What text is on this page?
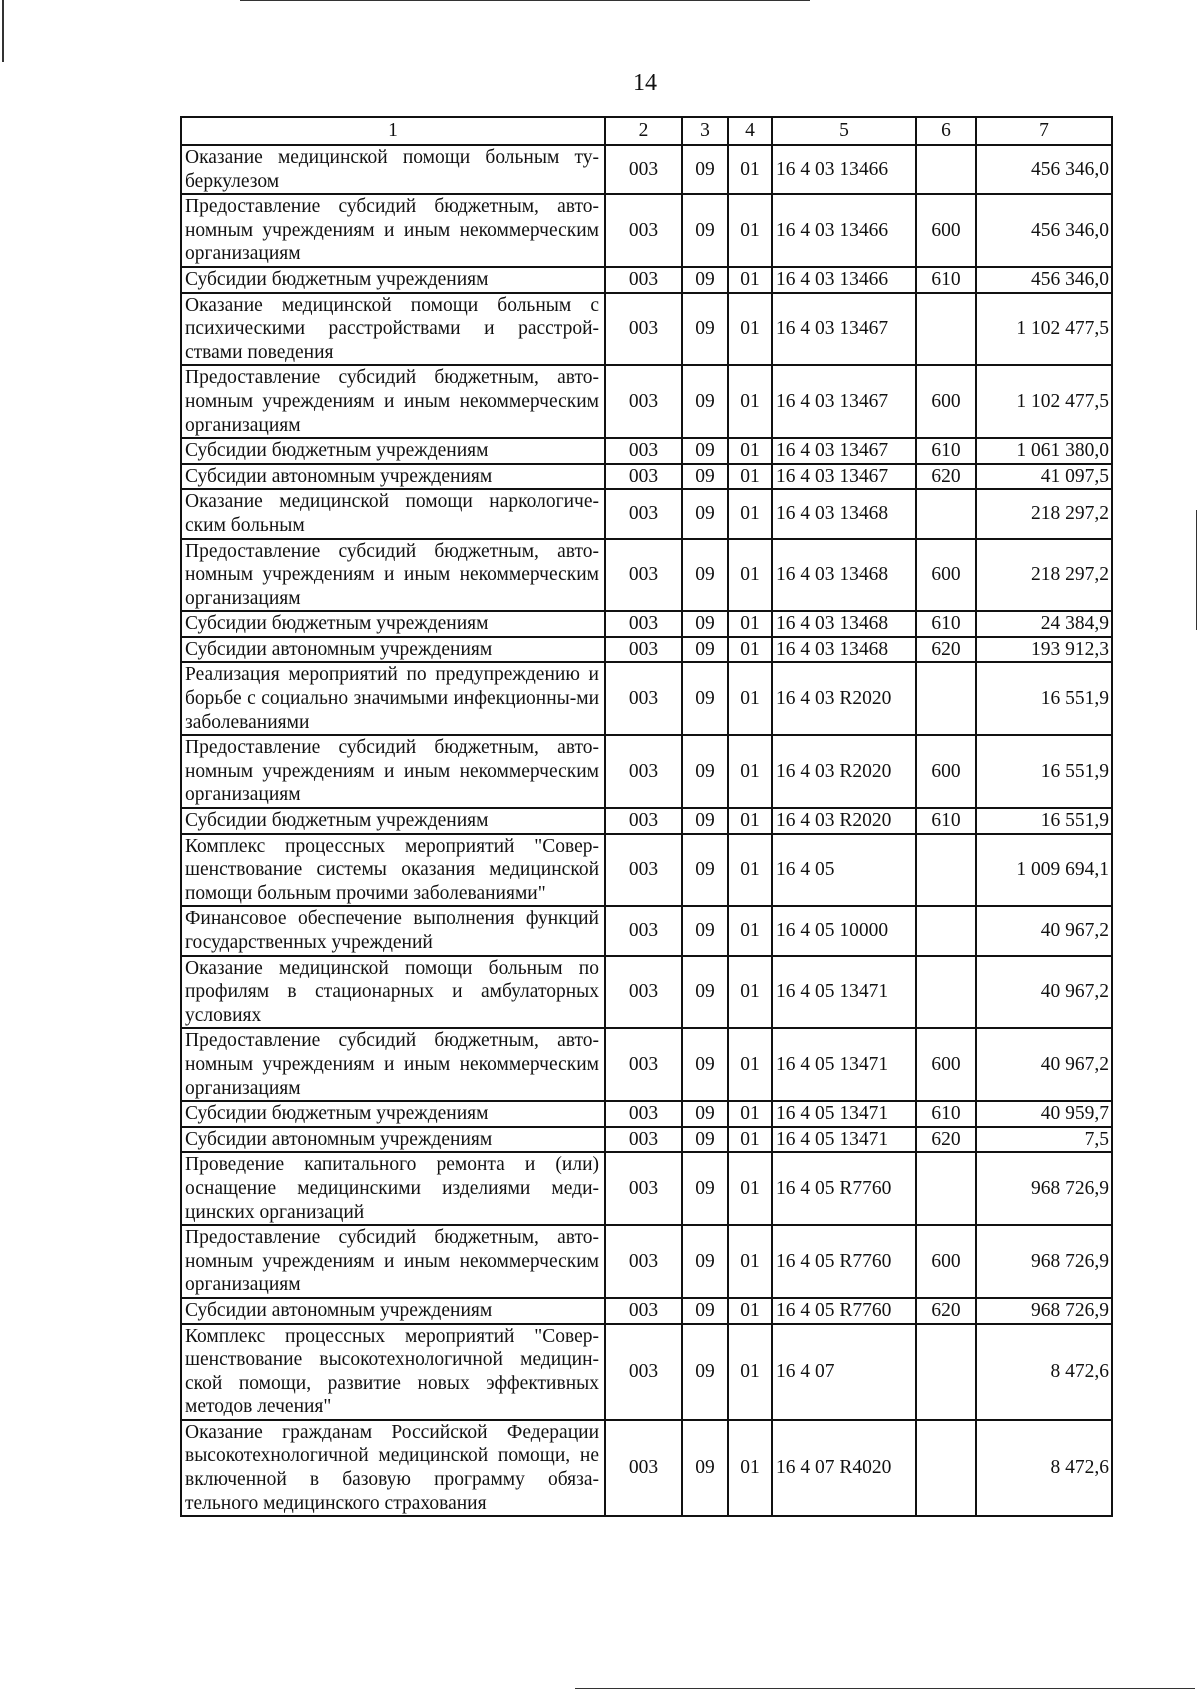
14
1	2	3	4	5	6	7
Оказание медицинской помощи больным ту-беркулезом	003	09	01	16 4 03 13466		456 346,0
Предоставление субсидий бюджетным, авто-номным учреждениям и иным некоммерческим организациям	003	09	01	16 4 03 13466	600	456 346,0
Субсидии бюджетным учреждениям	003	09	01	16 4 03 13466	610	456 346,0
Оказание медицинской помощи больным с психическими расстройствами и расстрой-ствами поведения	003	09	01	16 4 03 13467		1 102 477,5
Предоставление субсидий бюджетным, авто-номным учреждениям и иным некоммерческим организациям	003	09	01	16 4 03 13467	600	1 102 477,5
Субсидии бюджетным учреждениям	003	09	01	16 4 03 13467	610	1 061 380,0
Субсидии автономным учреждениям	003	09	01	16 4 03 13467	620	41 097,5
Оказание медицинской помощи наркологиче-ским больным	003	09	01	16 4 03 13468		218 297,2
Предоставление субсидий бюджетным, авто-номным учреждениям и иным некоммерческим организациям	003	09	01	16 4 03 13468	600	218 297,2
Субсидии бюджетным учреждениям	003	09	01	16 4 03 13468	610	24 384,9
Субсидии автономным учреждениям	003	09	01	16 4 03 13468	620	193 912,3
Реализация мероприятий по предупреждению и борьбе с социально значимыми инфекционны-ми заболеваниями	003	09	01	16 4 03 R2020		16 551,9
Предоставление субсидий бюджетным, авто-номным учреждениям и иным некоммерческим организациям	003	09	01	16 4 03 R2020	600	16 551,9
Субсидии бюджетным учреждениям	003	09	01	16 4 03 R2020	610	16 551,9
Комплекс процессных мероприятий "Совер-шенствование системы оказания медицинской помощи больным прочими заболеваниями"	003	09	01	16 4 05		1 009 694,1
Финансовое обеспечение выполнения функций государственных учреждений	003	09	01	16 4 05 10000		40 967,2
Оказание медицинской помощи больным по профилям в стационарных и амбулаторных условиях	003	09	01	16 4 05 13471		40 967,2
Предоставление субсидий бюджетным, авто-номным учреждениям и иным некоммерческим организациям	003	09	01	16 4 05 13471	600	40 967,2
Субсидии бюджетным учреждениям	003	09	01	16 4 05 13471	610	40 959,7
Субсидии автономным учреждениям	003	09	01	16 4 05 13471	620	7,5
Проведение капитального ремонта и (или) оснащение медицинскими изделиями меди-цинских организаций	003	09	01	16 4 05 R7760		968 726,9
Предоставление субсидий бюджетным, авто-номным учреждениям и иным некоммерческим организациям	003	09	01	16 4 05 R7760	600	968 726,9
Субсидии автономным учреждениям	003	09	01	16 4 05 R7760	620	968 726,9
Комплекс процессных мероприятий "Совер-шенствование высокотехнологичной медицин-ской помощи, развитие новых эффективных методов лечения"	003	09	01	16 4 07		8 472,6
Оказание гражданам Российской Федерации высокотехнологичной медицинской помощи, не включенной в базовую программу обяза-тельного медицинского страхования	003	09	01	16 4 07 R4020		8 472,6
